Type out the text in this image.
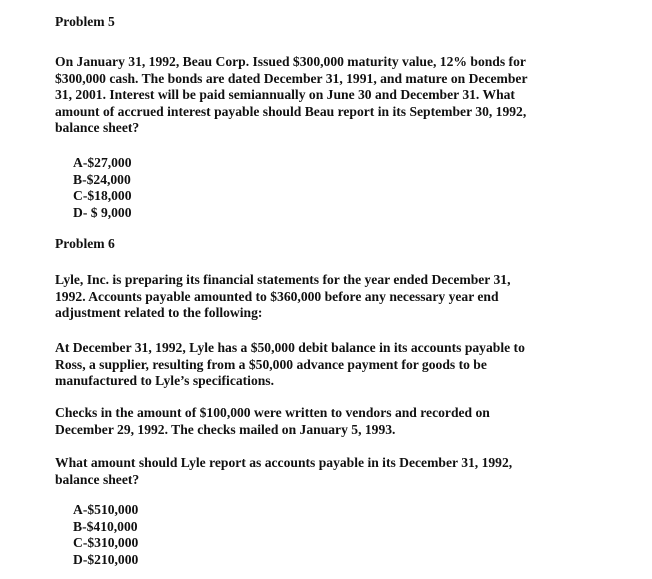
Problem 5

On January 31, 1992, Beau Corp. Issued $300,000 maturity value, 12% bonds for
$300,000 cash. The bonds are dated December 31, 1991, and mature on December
31, 2001. Interest will be paid semiannually on June 30 and December 31. What
amount of accrued interest payable should Beau report in its September 30, 1992,
balance sheet?

A-$27,000
B-$24,000
C-$18,000
D- $ 9,000
Problem 6

Lyle, Inc. is preparing its financial statements for the year ended December 31,
1992. Accounts payable amounted to $360,000 before any necessary year end
adjustment related to the following:

At December 31, 1992, Lyle has a $50,000 debit balance in its accounts payable to
Ross, a supplier, resulting from a $50,000 advance payment for goods to be
manufactured to Lyle’s specifications.

Checks in the amount of $100,000 were written to vendors and recorded on
December 29, 1992. The checks mailed on January 5, 1993.

What amount should Lyle report as accounts payable in its December 31, 1992,
balance sheet?

A-$510,000
B-$410,000
C-$310,000
D-$210,000
